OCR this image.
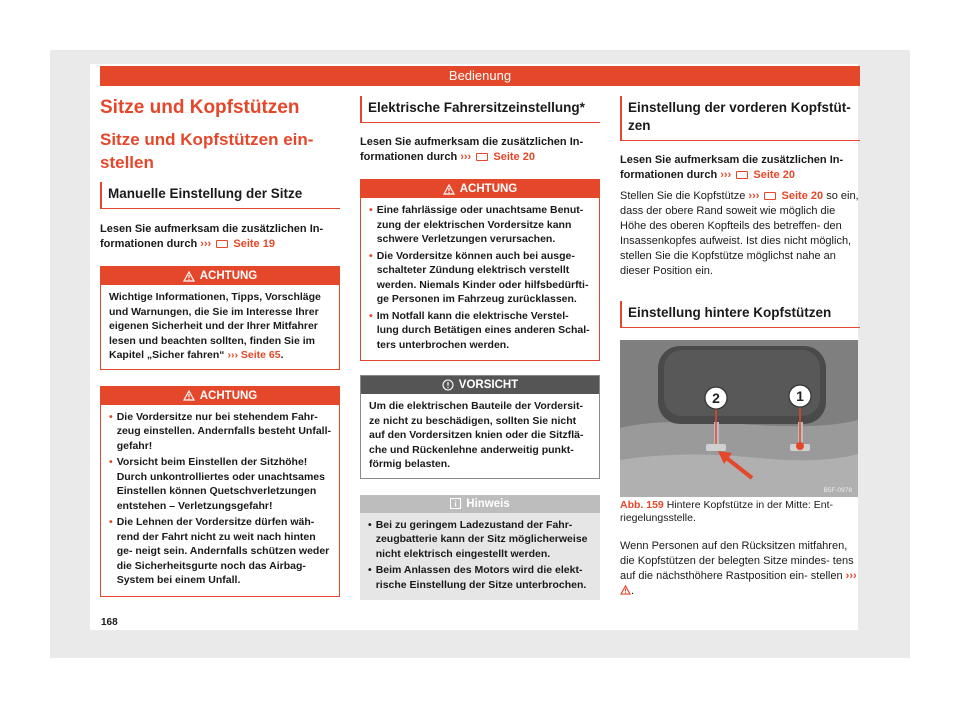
Bedienung
Sitze und Kopfstützen
Sitze und Kopfstützen ein- stellen
Manuelle Einstellung der Sitze

Lesen Sie aufmerksam die zusätzlichen In- formationen durch ››› Seite 19

ACHTUNG
Wichtige Informationen, Tipps, Vorschläge und Warnungen, die Sie im Interesse Ihrer eigenen Sicherheit und der Ihrer Mitfahrer lesen und beachten sollten, finden Sie im Kapitel „Sicher fahren“ ››› Seite 65.
ACHTUNG
• Die Vordersitze nur bei stehendem Fahr- zeug einstellen. Andernfalls besteht Unfall- gefahr!
• Vorsicht beim Einstellen der Sitzhöhe! Durch unkontrolliertes oder unachtsames Einstellen können Quetschverletzungen entstehen – Verletzungsgefahr!
• Die Lehnen der Vordersitze dürfen wäh- rend der Fahrt nicht zu weit nach hinten ge- neigt sein. Andernfalls schützen weder die Sicherheitsgurte noch das Airbag-System bei einem Unfall.
Elektrische Fahrersitzeinstellung*

Lesen Sie aufmerksam die zusätzlichen In- formationen durch ››› Seite 20

ACHTUNG
• Eine fahrlässige oder unachtsame Benut- zung der elektrischen Vordersitze kann schwere Verletzungen verursachen.
• Die Vordersitze können auch bei ausge- schalteter Zündung elektrisch verstellt werden. Niemals Kinder oder hilfsbedürfti- ge Personen im Fahrzeug zurücklassen.
• Im Notfall kann die elektrische Verstel- lung durch Betätigen eines anderen Schal- ters unterbrochen werden.
VORSICHT
Um die elektrischen Bauteile der Vordersit- ze nicht zu beschädigen, sollten Sie nicht auf den Vordersitzen knien oder die Sitzflä- che und Rückenlehne anderweitig punkt- förmig belasten.
Hinweis
• Bei zu geringem Ladezustand der Fahr- zeugbatterie kann der Sitz möglicherweise nicht elektrisch eingestellt werden.
• Beim Anlassen des Motors wird die elekt- rische Einstellung der Sitze unterbrochen.
Einstellung der vorderen Kopfstüt- zen

Lesen Sie aufmerksam die zusätzlichen In- formationen durch ››› Seite 20

Stellen Sie die Kopfstütze ››› Seite 20 so ein, dass der obere Rand soweit wie möglich die Höhe des oberen Kopfteils des betreffen- den Insassenkopfes aufweist. Ist dies nicht möglich, stellen Sie die Kopfstütze möglichst nahe an dieser Position ein.

Einstellung hintere Kopfstützen
2	1
B5F-0978
Abb. 159 Hintere Kopfstütze in der Mitte: Ent- riegelungsstelle.

Wenn Personen auf den Rücksitzen mitfahren, die Kopfstützen der belegten Sitze mindes- tens auf die nächsthöhere Rastposition ein- stellen ››› .

168
